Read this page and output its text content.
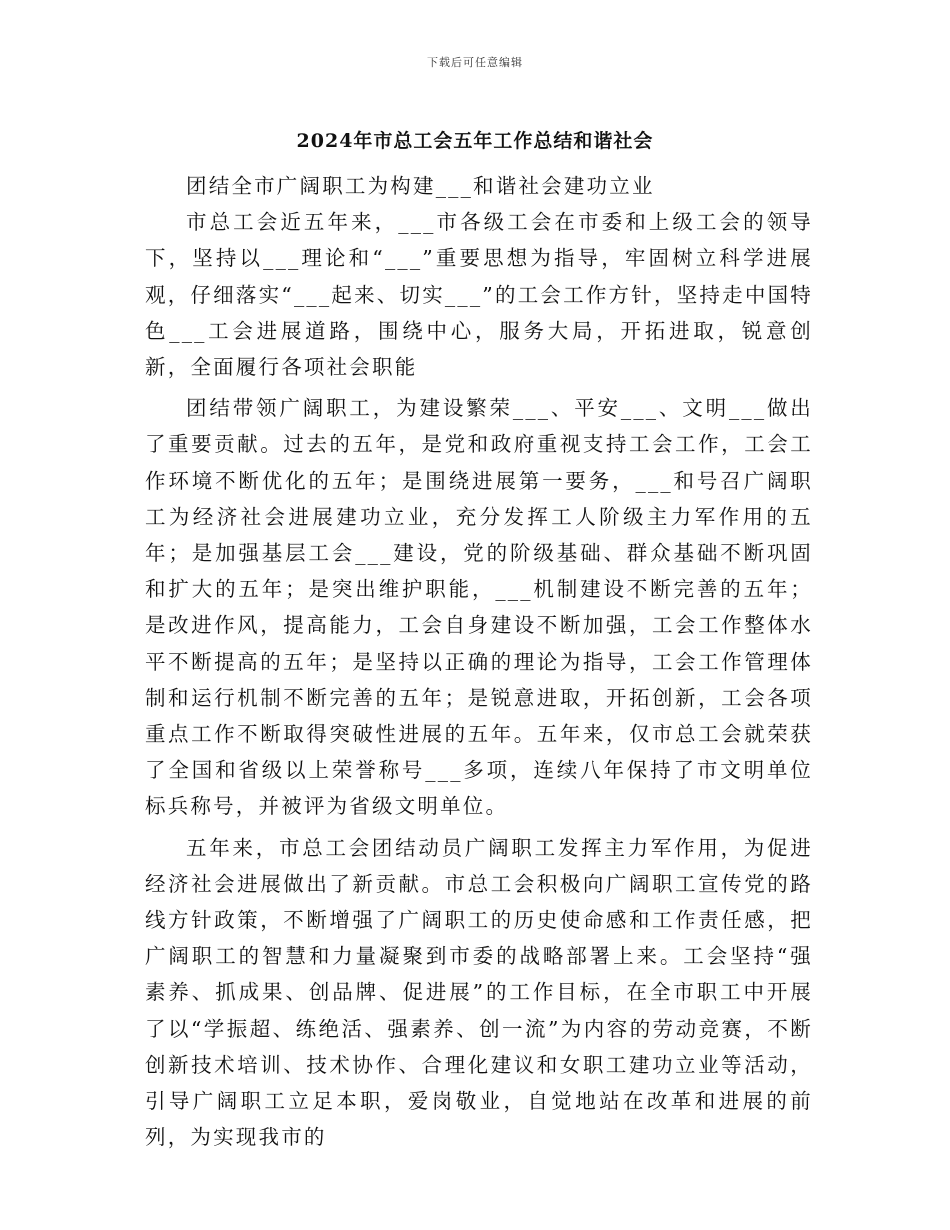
下载后可任意编辑
2024年市总工会五年工作总结和谐社会

团结全市广阔职工为构建___和谐社会建功立业

市总工会近五年来，___市各级工会在市委和上级工会的领导下，坚持以___理论和“___”重要思想为指导，牢固树立科学进展观，仔细落实“___起来、切实___”的工会工作方针，坚持走中国特色___工会进展道路，围绕中心，服务大局，开拓进取，锐意创新，全面履行各项社会职能

团结带领广阔职工，为建设繁荣___、平安___、文明___做出了重要贡献。过去的五年，是党和政府重视支持工会工作，工会工作环境不断优化的五年；是围绕进展第一要务，___和号召广阔职工为经济社会进展建功立业，充分发挥工人阶级主力军作用的五年；是加强基层工会___建设，党的阶级基础、群众基础不断巩固和扩大的五年；是突出维护职能，___机制建设不断完善的五年；是改进作风，提高能力，工会自身建设不断加强，工会工作整体水平不断提高的五年；是坚持以正确的理论为指导，工会工作管理体制和运行机制不断完善的五年；是锐意进取，开拓创新，工会各项重点工作不断取得突破性进展的五年。五年来，仅市总工会就荣获了全国和省级以上荣誉称号___多项，连续八年保持了市文明单位标兵称号，并被评为省级文明单位。

五年来，市总工会团结动员广阔职工发挥主力军作用，为促进经济社会进展做出了新贡献。市总工会积极向广阔职工宣传党的路线方针政策，不断增强了广阔职工的历史使命感和工作责任感，把广阔职工的智慧和力量凝聚到市委的战略部署上来。工会坚持“强素养、抓成果、创品牌、促进展”的工作目标，在全市职工中开展了以“学振超、练绝活、强素养、创一流”为内容的劳动竞赛，不断创新技术培训、技术协作、合理化建议和女职工建功立业等活动，引导广阔职工立足本职，爱岗敬业，自觉地站在改革和进展的前列，为实现我市的
